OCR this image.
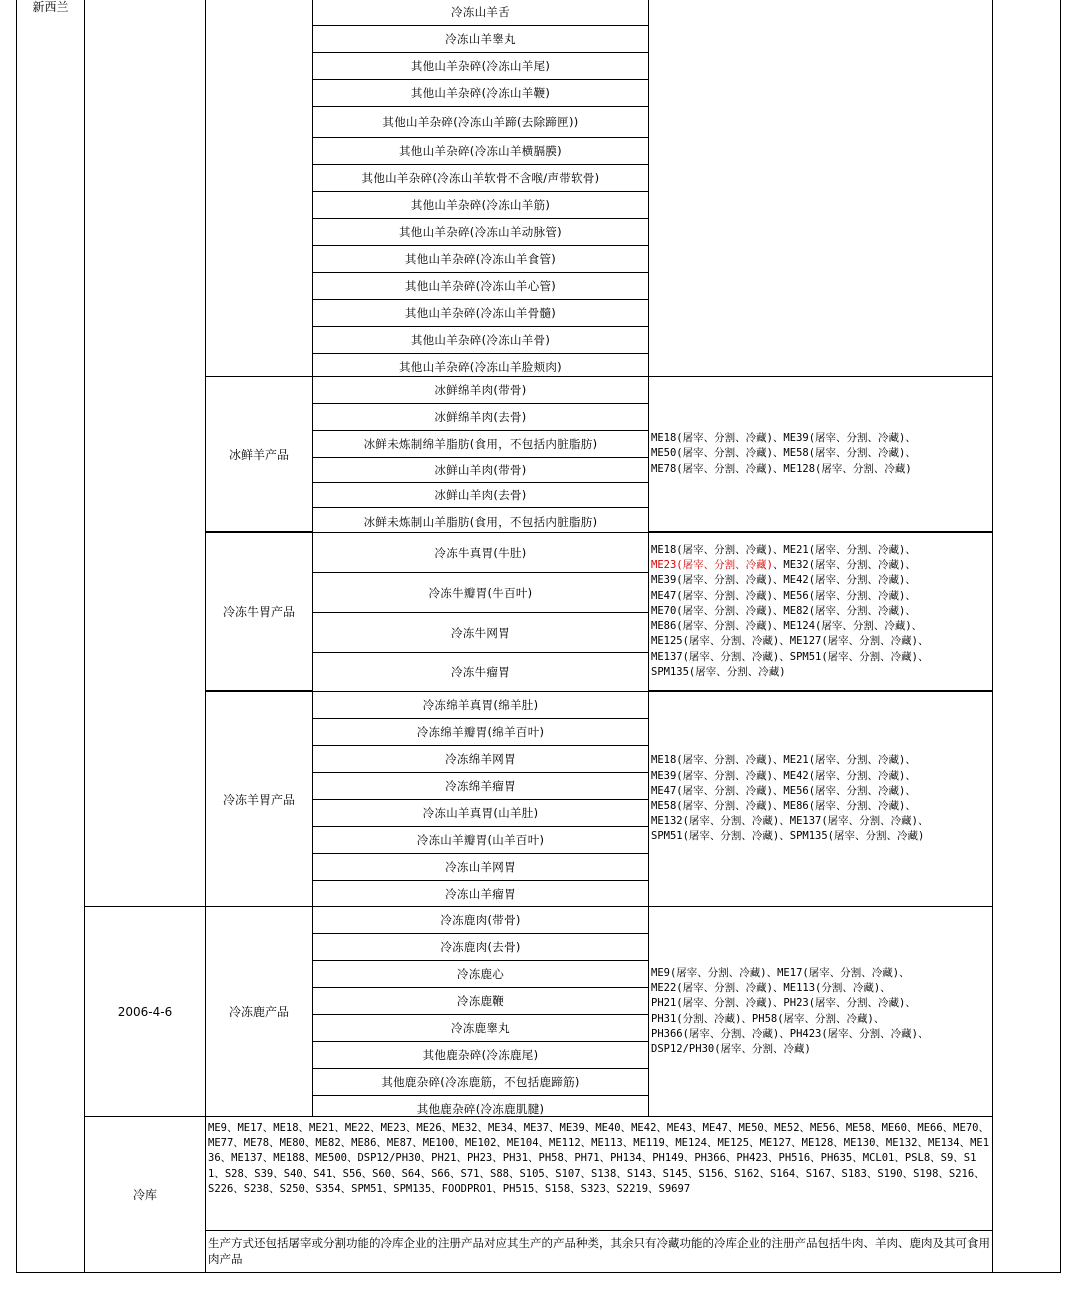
新西兰
2006-4-6
冷冻山羊舌
冷冻山羊睾丸
其他山羊杂碎(冷冻山羊尾)
其他山羊杂碎(冷冻山羊鞭)
其他山羊杂碎(冷冻山羊蹄(去除蹄匣))
其他山羊杂碎(冷冻山羊横膈膜)
其他山羊杂碎(冷冻山羊软骨不含喉/声带软骨)
其他山羊杂碎(冷冻山羊筋)
其他山羊杂碎(冷冻山羊动脉管)
其他山羊杂碎(冷冻山羊食管)
其他山羊杂碎(冷冻山羊心管)
其他山羊杂碎(冷冻山羊骨髓)
其他山羊杂碎(冷冻山羊骨)
其他山羊杂碎(冷冻山羊脸颊肉)
冰鲜羊产品
冰鲜绵羊肉(带骨)
冰鲜绵羊肉(去骨)
冰鲜未炼制绵羊脂肪(食用，不包括内脏脂肪)
冰鲜山羊肉(带骨)
冰鲜山羊肉(去骨)
冰鲜未炼制山羊脂肪(食用，不包括内脏脂肪)
ME18(屠宰、分割、冷藏)、ME39(屠宰、分割、冷藏)、
ME50(屠宰、分割、冷藏)、ME58(屠宰、分割、冷藏)、
ME78(屠宰、分割、冷藏)、ME128(屠宰、分割、冷藏)
冷冻牛胃产品
冷冻牛真胃(牛肚)
冷冻牛瓣胃(牛百叶)
冷冻牛网胃
冷冻牛瘤胃
ME18(屠宰、分割、冷藏)、ME21(屠宰、分割、冷藏)、
ME23(屠宰、分割、冷藏)、ME32(屠宰、分割、冷藏)、
ME39(屠宰、分割、冷藏)、ME42(屠宰、分割、冷藏)、
ME47(屠宰、分割、冷藏)、ME56(屠宰、分割、冷藏)、
ME70(屠宰、分割、冷藏)、ME82(屠宰、分割、冷藏)、
ME86(屠宰、分割、冷藏)、ME124(屠宰、分割、冷藏)、
ME125(屠宰、分割、冷藏)、ME127(屠宰、分割、冷藏)、
ME137(屠宰、分割、冷藏)、SPM51(屠宰、分割、冷藏)、
SPM135(屠宰、分割、冷藏)
冷冻羊胃产品
冷冻绵羊真胃(绵羊肚)
冷冻绵羊瓣胃(绵羊百叶)
冷冻绵羊网胃
冷冻绵羊瘤胃
冷冻山羊真胃(山羊肚)
冷冻山羊瓣胃(山羊百叶)
冷冻山羊网胃
冷冻山羊瘤胃
ME18(屠宰、分割、冷藏)、ME21(屠宰、分割、冷藏)、
ME39(屠宰、分割、冷藏)、ME42(屠宰、分割、冷藏)、
ME47(屠宰、分割、冷藏)、ME56(屠宰、分割、冷藏)、
ME58(屠宰、分割、冷藏)、ME86(屠宰、分割、冷藏)、
ME132(屠宰、分割、冷藏)、ME137(屠宰、分割、冷藏)、
SPM51(屠宰、分割、冷藏)、SPM135(屠宰、分割、冷藏)
冷冻鹿产品
冷冻鹿肉(带骨)
冷冻鹿肉(去骨)
冷冻鹿心
冷冻鹿鞭
冷冻鹿睾丸
其他鹿杂碎(冷冻鹿尾)
其他鹿杂碎(冷冻鹿筋，不包括鹿蹄筋)
其他鹿杂碎(冷冻鹿肌腱)
ME9(屠宰、分割、冷藏)、ME17(屠宰、分割、冷藏)、
ME22(屠宰、分割、冷藏)、ME113(分割、冷藏)、
PH21(屠宰、分割、冷藏)、PH23(屠宰、分割、冷藏)、
PH31(分割、冷藏)、PH58(屠宰、分割、冷藏)、
PH366(屠宰、分割、冷藏)、PH423(屠宰、分割、冷藏)、
DSP12/PH30(屠宰、分割、冷藏)
冷库
ME9、ME17、ME18、ME21、ME22、ME23、ME26、ME32、ME34、ME37、ME39、ME40、ME42、ME43、ME47、ME50、ME52、ME56、ME58、ME60、ME66、ME70、ME77、ME78、ME80、ME82、ME86、ME87、ME100、ME102、ME104、ME112、ME113、ME119、ME124、ME125、ME127、ME128、ME130、ME132、ME134、ME136、ME137、ME188、ME500、DSP12/PH30、PH21、PH23、PH31、PH58、PH71、PH134、PH149、PH366、PH423、PH516、PH635、MCL01、PSL8、S9、S11、S28、S39、S40、S41、S56、S60、S64、S66、S71、S88、S105、S107、S138、S143、S145、S156、S162、S164、S167、S183、S190、S198、S216、S226、S238、S250、S354、SPM51、SPM135、FOODPRO1、PH515、S158、S323、S2219、S9697
生产方式还包括屠宰或分割功能的冷库企业的注册产品对应其生产的产品种类，其余只有冷藏功能的冷库企业的注册产品包括牛肉、羊肉、鹿肉及其可食用肉产品
